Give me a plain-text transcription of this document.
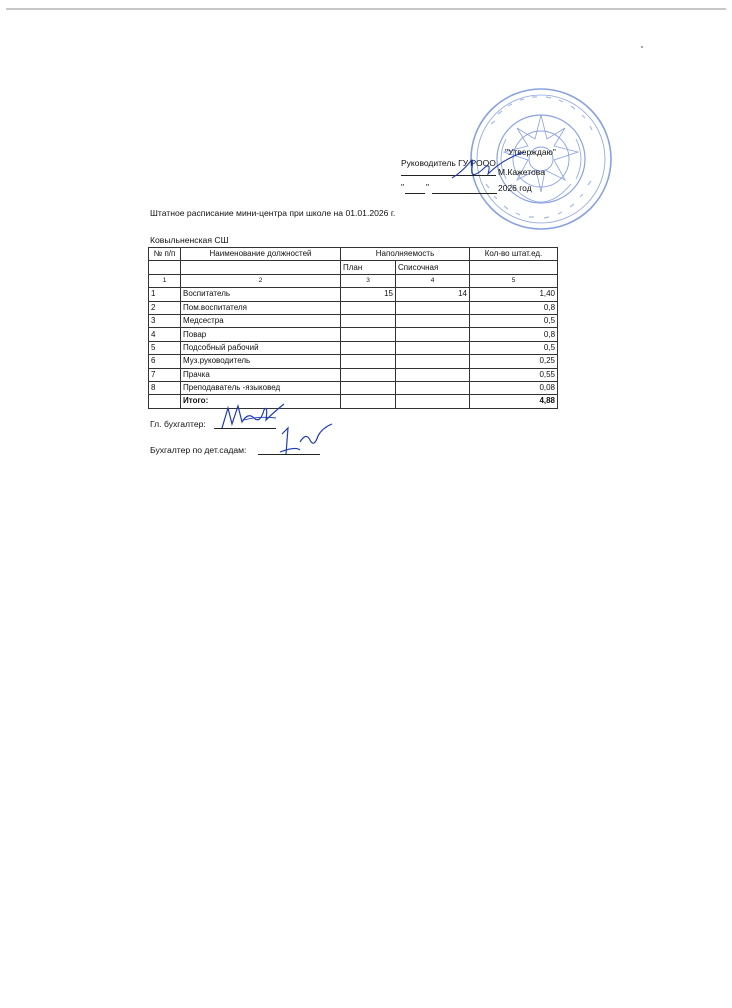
"Утверждаю"
Руководитель ГУ РООО
М.Кажетова
"	"	2026 год
Штатное расписание мини-центра при школе на 01.01.2026 г.
Ковыльненская СШ
№ п/п	Наименование должностей	Наполняемость		Кол-во штат.ед.
		План	Списочная	
1	2	3	4	5
1	Воспитатель	15	14	1,40
2	Пом.воспитателя			0,8
3	Медсестра			0,5
4	Повар			0,8
5	Подсобный рабочий			0,5
6	Муз.руководитель			0,25
7	Прачка			0,55
8	Преподаватель -языковед			0,08
	Итого:			4,88
Гл. бухгалтер:
Бухгалтер по дет.садам:
